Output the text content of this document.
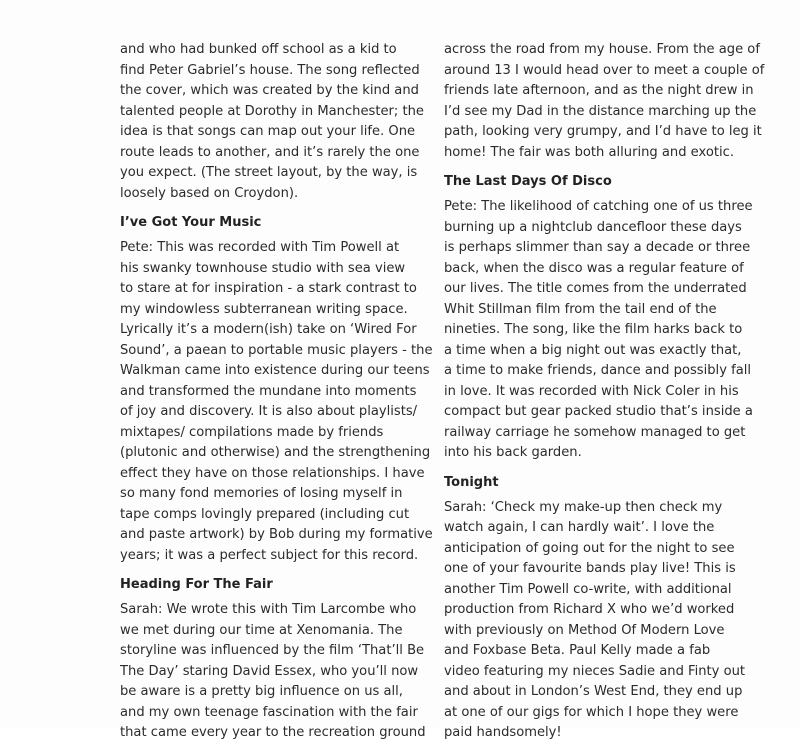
and who had bunked off school as a kid to
find Peter Gabriel’s house. The song reflected
the cover, which was created by the kind and
talented people at Dorothy in Manchester; the
idea is that songs can map out your life. One
route leads to another, and it’s rarely the one
you expect. (The street layout, by the way, is
loosely based on Croydon).
I’ve Got Your Music
Pete: This was recorded with Tim Powell at
his swanky townhouse studio with sea view
to stare at for inspiration - a stark contrast to
my windowless subterranean writing space.
Lyrically it’s a modern(ish) take on ‘Wired For
Sound’, a paean to portable music players - the
Walkman came into existence during our teens
and transformed the mundane into moments
of joy and discovery. It is also about playlists/
mixtapes/ compilations made by friends
(plutonic and otherwise) and the strengthening
effect they have on those relationships. I have
so many fond memories of losing myself in
tape comps lovingly prepared (including cut
and paste artwork) by Bob during my formative
years; it was a perfect subject for this record.
Heading For The Fair
Sarah: We wrote this with Tim Larcombe who
we met during our time at Xenomania. The
storyline was influenced by the film ‘That’ll Be
The Day’ staring David Essex, who you’ll now
be aware is a pretty big influence on us all,
and my own teenage fascination with the fair
that came every year to the recreation ground
across the road from my house. From the age of
around 13 I would head over to meet a couple of
friends late afternoon, and as the night drew in
I’d see my Dad in the distance marching up the
path, looking very grumpy, and I’d have to leg it
home! The fair was both alluring and exotic.
The Last Days Of Disco
Pete: The likelihood of catching one of us three
burning up a nightclub dancefloor these days
is perhaps slimmer than say a decade or three
back, when the disco was a regular feature of
our lives. The title comes from the underrated
Whit Stillman film from the tail end of the
nineties. The song, like the film harks back to
a time when a big night out was exactly that,
a time to make friends, dance and possibly fall
in love. It was recorded with Nick Coler in his
compact but gear packed studio that’s inside a
railway carriage he somehow managed to get
into his back garden.
Tonight
Sarah: ‘Check my make-up then check my
watch again, I can hardly wait’. I love the
anticipation of going out for the night to see
one of your favourite bands play live! This is
another Tim Powell co-write, with additional
production from Richard X who we’d worked
with previously on Method Of Modern Love
and Foxbase Beta. Paul Kelly made a fab
video featuring my nieces Sadie and Finty out
and about in London’s West End, they end up
at one of our gigs for which I hope they were
paid handsomely!
